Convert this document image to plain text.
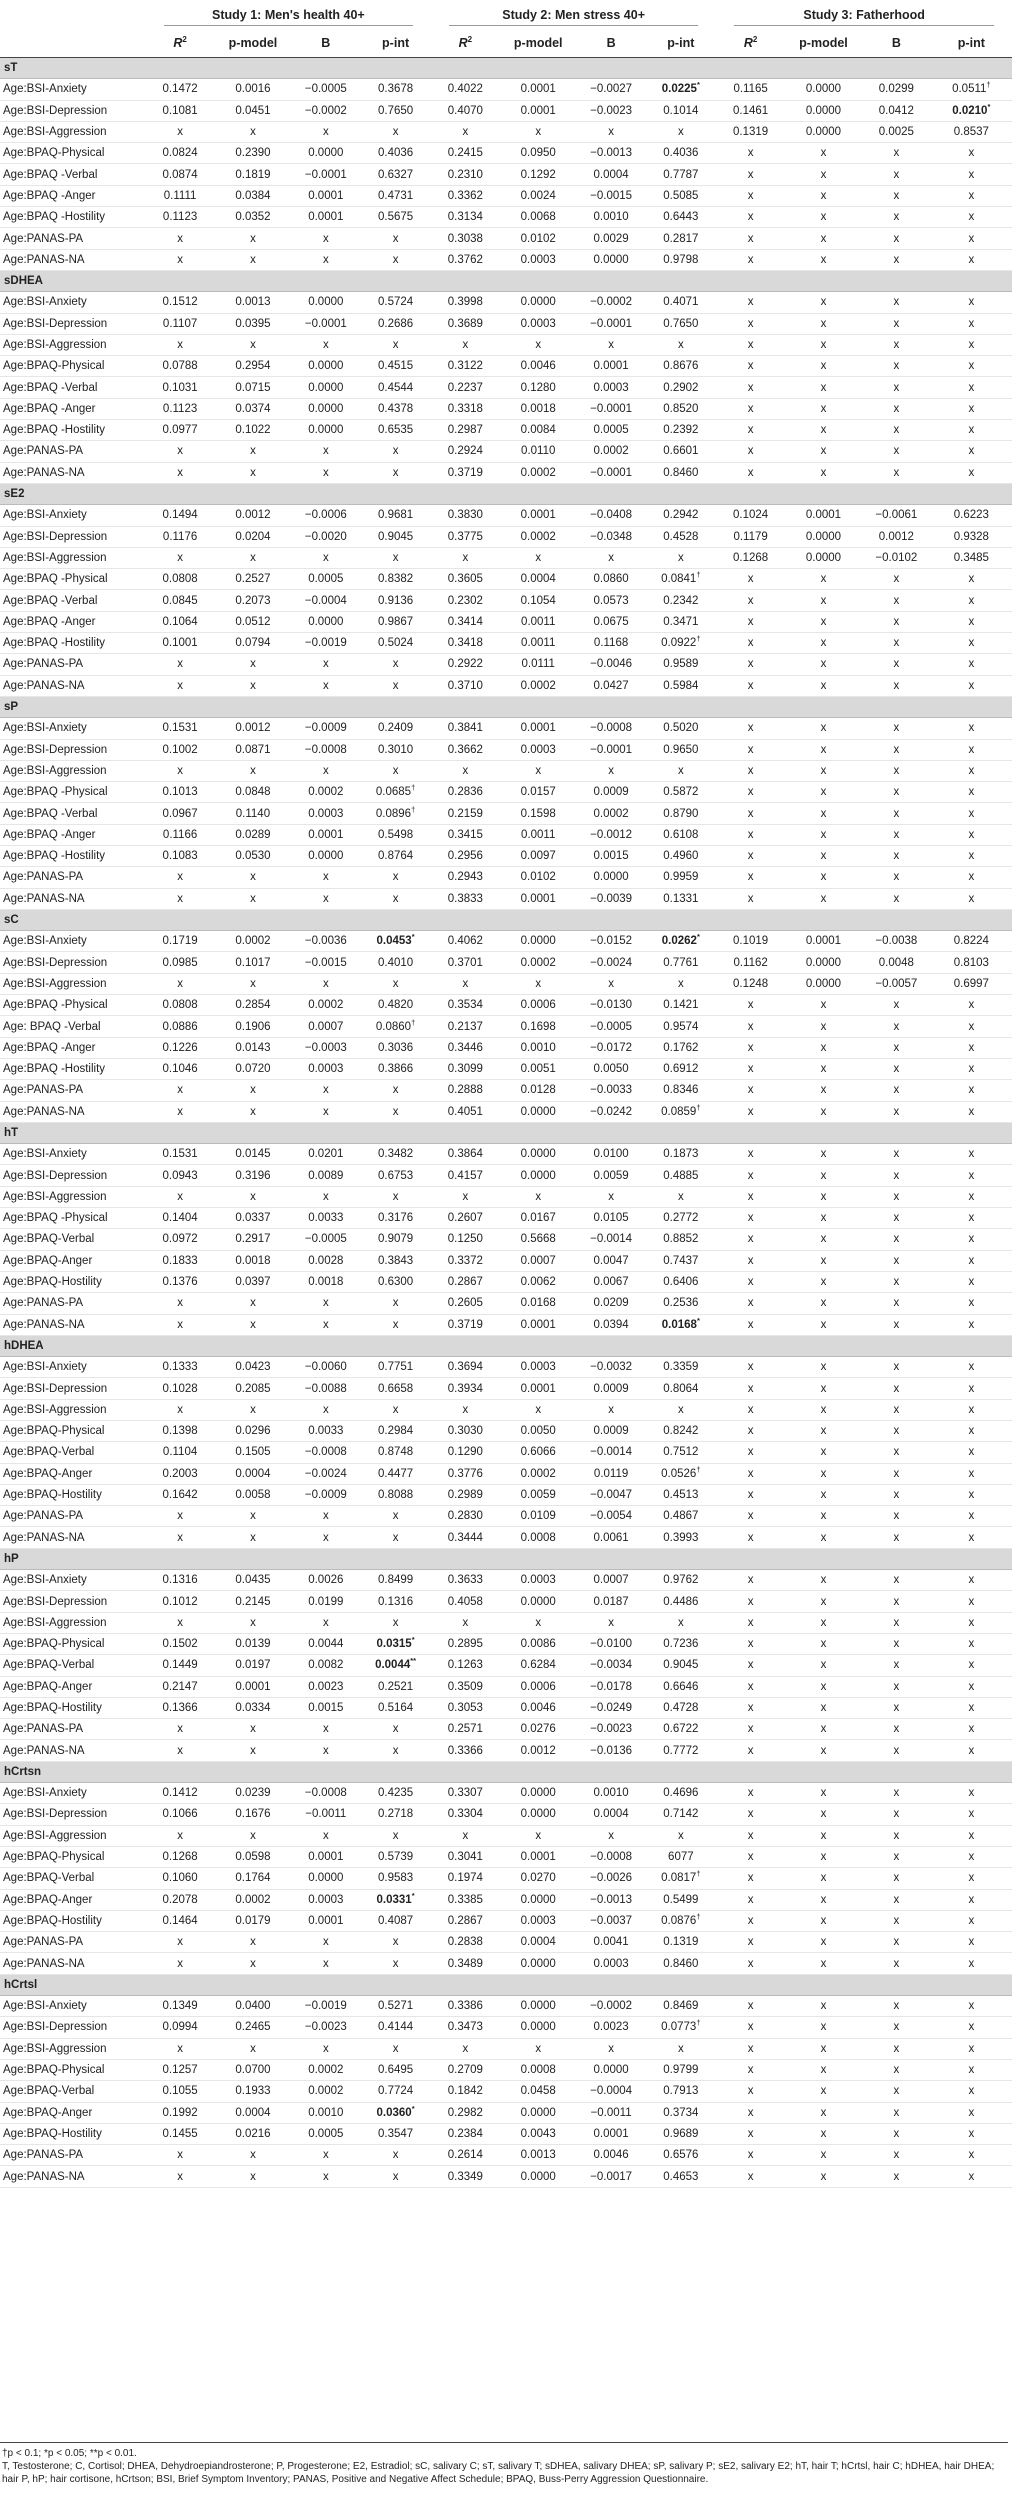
	Study 1: Men's health 40+				Study 2: Men stress 40+				Study 3: Fatherhood			

	$R^2$	p-model	B	p-int	$R^2$	p-model	B	p-int	$R^2$	p-model	B	p-int
sT												
Age:BSI-Anxiety	0.1472	0.0016	−0.0005	0.3678	0.4022	0.0001	−0.0027	0.0225*	0.1165	0.0000	0.0299	0.0511†
Age:BSI-Depression	0.1081	0.0451	−0.0002	0.7650	0.4070	0.0001	−0.0023	0.1014	0.1461	0.0000	0.0412	0.0210*
Age:BSI-Aggression	x	x	x	x	x	x	x	x	0.1319	0.0000	0.0025	0.8537
Age:BPAQ-Physical	0.0824	0.2390	0.0000	0.4036	0.2415	0.0950	−0.0013	0.4036	x	x	x	x
Age:BPAQ -Verbal	0.0874	0.1819	−0.0001	0.6327	0.2310	0.1292	0.0004	0.7787	x	x	x	x
Age:BPAQ -Anger	0.1111	0.0384	0.0001	0.4731	0.3362	0.0024	−0.0015	0.5085	x	x	x	x
Age:BPAQ -Hostility	0.1123	0.0352	0.0001	0.5675	0.3134	0.0068	0.0010	0.6443	x	x	x	x
Age:PANAS-PA	x	x	x	x	0.3038	0.0102	0.0029	0.2817	x	x	x	x
Age:PANAS-NA	x	x	x	x	0.3762	0.0003	0.0000	0.9798	x	x	x	x
sDHEA												
Age:BSI-Anxiety	0.1512	0.0013	0.0000	0.5724	0.3998	0.0000	−0.0002	0.4071	x	x	x	x
Age:BSI-Depression	0.1107	0.0395	−0.0001	0.2686	0.3689	0.0003	−0.0001	0.7650	x	x	x	x
Age:BSI-Aggression	x	x	x	x	x	x	x	x	x	x	x	x
Age:BPAQ-Physical	0.0788	0.2954	0.0000	0.4515	0.3122	0.0046	0.0001	0.8676	x	x	x	x
Age:BPAQ -Verbal	0.1031	0.0715	0.0000	0.4544	0.2237	0.1280	0.0003	0.2902	x	x	x	x
Age:BPAQ -Anger	0.1123	0.0374	0.0000	0.4378	0.3318	0.0018	−0.0001	0.8520	x	x	x	x
Age:BPAQ -Hostility	0.0977	0.1022	0.0000	0.6535	0.2987	0.0084	0.0005	0.2392	x	x	x	x
Age:PANAS-PA	x	x	x	x	0.2924	0.0110	0.0002	0.6601	x	x	x	x
Age:PANAS-NA	x	x	x	x	0.3719	0.0002	−0.0001	0.8460	x	x	x	x
sE2												
Age:BSI-Anxiety	0.1494	0.0012	−0.0006	0.9681	0.3830	0.0001	−0.0408	0.2942	0.1024	0.0001	−0.0061	0.6223
Age:BSI-Depression	0.1176	0.0204	−0.0020	0.9045	0.3775	0.0002	−0.0348	0.4528	0.1179	0.0000	0.0012	0.9328
Age:BSI-Aggression	x	x	x	x	x	x	x	x	0.1268	0.0000	−0.0102	0.3485
Age:BPAQ -Physical	0.0808	0.2527	0.0005	0.8382	0.3605	0.0004	0.0860	0.0841†	x	x	x	x
Age:BPAQ -Verbal	0.0845	0.2073	−0.0004	0.9136	0.2302	0.1054	0.0573	0.2342	x	x	x	x
Age:BPAQ -Anger	0.1064	0.0512	0.0000	0.9867	0.3414	0.0011	0.0675	0.3471	x	x	x	x
Age:BPAQ -Hostility	0.1001	0.0794	−0.0019	0.5024	0.3418	0.0011	0.1168	0.0922†	x	x	x	x
Age:PANAS-PA	x	x	x	x	0.2922	0.0111	−0.0046	0.9589	x	x	x	x
Age:PANAS-NA	x	x	x	x	0.3710	0.0002	0.0427	0.5984	x	x	x	x
sP												
Age:BSI-Anxiety	0.1531	0.0012	−0.0009	0.2409	0.3841	0.0001	−0.0008	0.5020	x	x	x	x
Age:BSI-Depression	0.1002	0.0871	−0.0008	0.3010	0.3662	0.0003	−0.0001	0.9650	x	x	x	x
Age:BSI-Aggression	x	x	x	x	x	x	x	x	x	x	x	x
Age:BPAQ -Physical	0.1013	0.0848	0.0002	0.0685†	0.2836	0.0157	0.0009	0.5872	x	x	x	x
Age:BPAQ -Verbal	0.0967	0.1140	0.0003	0.0896†	0.2159	0.1598	0.0002	0.8790	x	x	x	x
Age:BPAQ -Anger	0.1166	0.0289	0.0001	0.5498	0.3415	0.0011	−0.0012	0.6108	x	x	x	x
Age:BPAQ -Hostility	0.1083	0.0530	0.0000	0.8764	0.2956	0.0097	0.0015	0.4960	x	x	x	x
Age:PANAS-PA	x	x	x	x	0.2943	0.0102	0.0000	0.9959	x	x	x	x
Age:PANAS-NA	x	x	x	x	0.3833	0.0001	−0.0039	0.1331	x	x	x	x
sC												
Age:BSI-Anxiety	0.1719	0.0002	−0.0036	0.0453*	0.4062	0.0000	−0.0152	0.0262*	0.1019	0.0001	−0.0038	0.8224
Age:BSI-Depression	0.0985	0.1017	−0.0015	0.4010	0.3701	0.0002	−0.0024	0.7761	0.1162	0.0000	0.0048	0.8103
Age:BSI-Aggression	x	x	x	x	x	x	x	x	0.1248	0.0000	−0.0057	0.6997
Age:BPAQ -Physical	0.0808	0.2854	0.0002	0.4820	0.3534	0.0006	−0.0130	0.1421	x	x	x	x
Age: BPAQ -Verbal	0.0886	0.1906	0.0007	0.0860†	0.2137	0.1698	−0.0005	0.9574	x	x	x	x
Age:BPAQ -Anger	0.1226	0.0143	−0.0003	0.3036	0.3446	0.0010	−0.0172	0.1762	x	x	x	x
Age:BPAQ -Hostility	0.1046	0.0720	0.0003	0.3866	0.3099	0.0051	0.0050	0.6912	x	x	x	x
Age:PANAS-PA	x	x	x	x	0.2888	0.0128	−0.0033	0.8346	x	x	x	x
Age:PANAS-NA	x	x	x	x	0.4051	0.0000	−0.0242	0.0859†	x	x	x	x
hT												
Age:BSI-Anxiety	0.1531	0.0145	0.0201	0.3482	0.3864	0.0000	0.0100	0.1873	x	x	x	x
Age:BSI-Depression	0.0943	0.3196	0.0089	0.6753	0.4157	0.0000	0.0059	0.4885	x	x	x	x
Age:BSI-Aggression	x	x	x	x	x	x	x	x	x	x	x	x
Age:BPAQ -Physical	0.1404	0.0337	0.0033	0.3176	0.2607	0.0167	0.0105	0.2772	x	x	x	x
Age:BPAQ-Verbal	0.0972	0.2917	−0.0005	0.9079	0.1250	0.5668	−0.0014	0.8852	x	x	x	x
Age:BPAQ-Anger	0.1833	0.0018	0.0028	0.3843	0.3372	0.0007	0.0047	0.7437	x	x	x	x
Age:BPAQ-Hostility	0.1376	0.0397	0.0018	0.6300	0.2867	0.0062	0.0067	0.6406	x	x	x	x
Age:PANAS-PA	x	x	x	x	0.2605	0.0168	0.0209	0.2536	x	x	x	x
Age:PANAS-NA	x	x	x	x	0.3719	0.0001	0.0394	0.0168*	x	x	x	x
hDHEA												
Age:BSI-Anxiety	0.1333	0.0423	−0.0060	0.7751	0.3694	0.0003	−0.0032	0.3359	x	x	x	x
Age:BSI-Depression	0.1028	0.2085	−0.0088	0.6658	0.3934	0.0001	0.0009	0.8064	x	x	x	x
Age:BSI-Aggression	x	x	x	x	x	x	x	x	x	x	x	x
Age:BPAQ-Physical	0.1398	0.0296	0.0033	0.2984	0.3030	0.0050	0.0009	0.8242	x	x	x	x
Age:BPAQ-Verbal	0.1104	0.1505	−0.0008	0.8748	0.1290	0.6066	−0.0014	0.7512	x	x	x	x
Age:BPAQ-Anger	0.2003	0.0004	−0.0024	0.4477	0.3776	0.0002	0.0119	0.0526†	x	x	x	x
Age:BPAQ-Hostility	0.1642	0.0058	−0.0009	0.8088	0.2989	0.0059	−0.0047	0.4513	x	x	x	x
Age:PANAS-PA	x	x	x	x	0.2830	0.0109	−0.0054	0.4867	x	x	x	x
Age:PANAS-NA	x	x	x	x	0.3444	0.0008	0.0061	0.3993	x	x	x	x
hP												
Age:BSI-Anxiety	0.1316	0.0435	0.0026	0.8499	0.3633	0.0003	0.0007	0.9762	x	x	x	x
Age:BSI-Depression	0.1012	0.2145	0.0199	0.1316	0.4058	0.0000	0.0187	0.4486	x	x	x	x
Age:BSI-Aggression	x	x	x	x	x	x	x	x	x	x	x	x
Age:BPAQ-Physical	0.1502	0.0139	0.0044	0.0315*	0.2895	0.0086	−0.0100	0.7236	x	x	x	x
Age:BPAQ-Verbal	0.1449	0.0197	0.0082	0.0044**	0.1263	0.6284	−0.0034	0.9045	x	x	x	x
Age:BPAQ-Anger	0.2147	0.0001	0.0023	0.2521	0.3509	0.0006	−0.0178	0.6646	x	x	x	x
Age:BPAQ-Hostility	0.1366	0.0334	0.0015	0.5164	0.3053	0.0046	−0.0249	0.4728	x	x	x	x
Age:PANAS-PA	x	x	x	x	0.2571	0.0276	−0.0023	0.6722	x	x	x	x
Age:PANAS-NA	x	x	x	x	0.3366	0.0012	−0.0136	0.7772	x	x	x	x
hCrtsn												
Age:BSI-Anxiety	0.1412	0.0239	−0.0008	0.4235	0.3307	0.0000	0.0010	0.4696	x	x	x	x
Age:BSI-Depression	0.1066	0.1676	−0.0011	0.2718	0.3304	0.0000	0.0004	0.7142	x	x	x	x
Age:BSI-Aggression	x	x	x	x	x	x	x	x	x	x	x	x
Age:BPAQ-Physical	0.1268	0.0598	0.0001	0.5739	0.3041	0.0001	−0.0008	6077	x	x	x	x
Age:BPAQ-Verbal	0.1060	0.1764	0.0000	0.9583	0.1974	0.0270	−0.0026	0.0817†	x	x	x	x
Age:BPAQ-Anger	0.2078	0.0002	0.0003	0.0331*	0.3385	0.0000	−0.0013	0.5499	x	x	x	x
Age:BPAQ-Hostility	0.1464	0.0179	0.0001	0.4087	0.2867	0.0003	−0.0037	0.0876†	x	x	x	x
Age:PANAS-PA	x	x	x	x	0.2838	0.0004	0.0041	0.1319	x	x	x	x
Age:PANAS-NA	x	x	x	x	0.3489	0.0000	0.0003	0.8460	x	x	x	x
hCrtsl												
Age:BSI-Anxiety	0.1349	0.0400	−0.0019	0.5271	0.3386	0.0000	−0.0002	0.8469	x	x	x	x
Age:BSI-Depression	0.0994	0.2465	−0.0023	0.4144	0.3473	0.0000	0.0023	0.0773†	x	x	x	x
Age:BSI-Aggression	x	x	x	x	x	x	x	x	x	x	x	x
Age:BPAQ-Physical	0.1257	0.0700	0.0002	0.6495	0.2709	0.0008	0.0000	0.9799	x	x	x	x
Age:BPAQ-Verbal	0.1055	0.1933	0.0002	0.7724	0.1842	0.0458	−0.0004	0.7913	x	x	x	x
Age:BPAQ-Anger	0.1992	0.0004	0.0010	0.0360*	0.2982	0.0000	−0.0011	0.3734	x	x	x	x
Age:BPAQ-Hostility	0.1455	0.0216	0.0005	0.3547	0.2384	0.0043	0.0001	0.9689	x	x	x	x
Age:PANAS-PA	x	x	x	x	0.2614	0.0013	0.0046	0.6576	x	x	x	x
Age:PANAS-NA	x	x	x	x	0.3349	0.0000	−0.0017	0.4653	x	x	x	x
†p < 0.1; *p < 0.05; **p < 0.01.
T, Testosterone; C, Cortisol; DHEA, Dehydroepiandrosterone; P, Progesterone; E2, Estradiol; sC, salivary C; sT, salivary T; sDHEA, salivary DHEA; sP, salivary P; sE2, salivary E2; hT, hair T; hCrtsl, hair C; hDHEA, hair DHEA; hair P, hP; hair cortisone, hCrtson; BSI, Brief Symptom Inventory; PANAS, Positive and Negative Affect Schedule; BPAQ, Buss-Perry Aggression Questionnaire.
